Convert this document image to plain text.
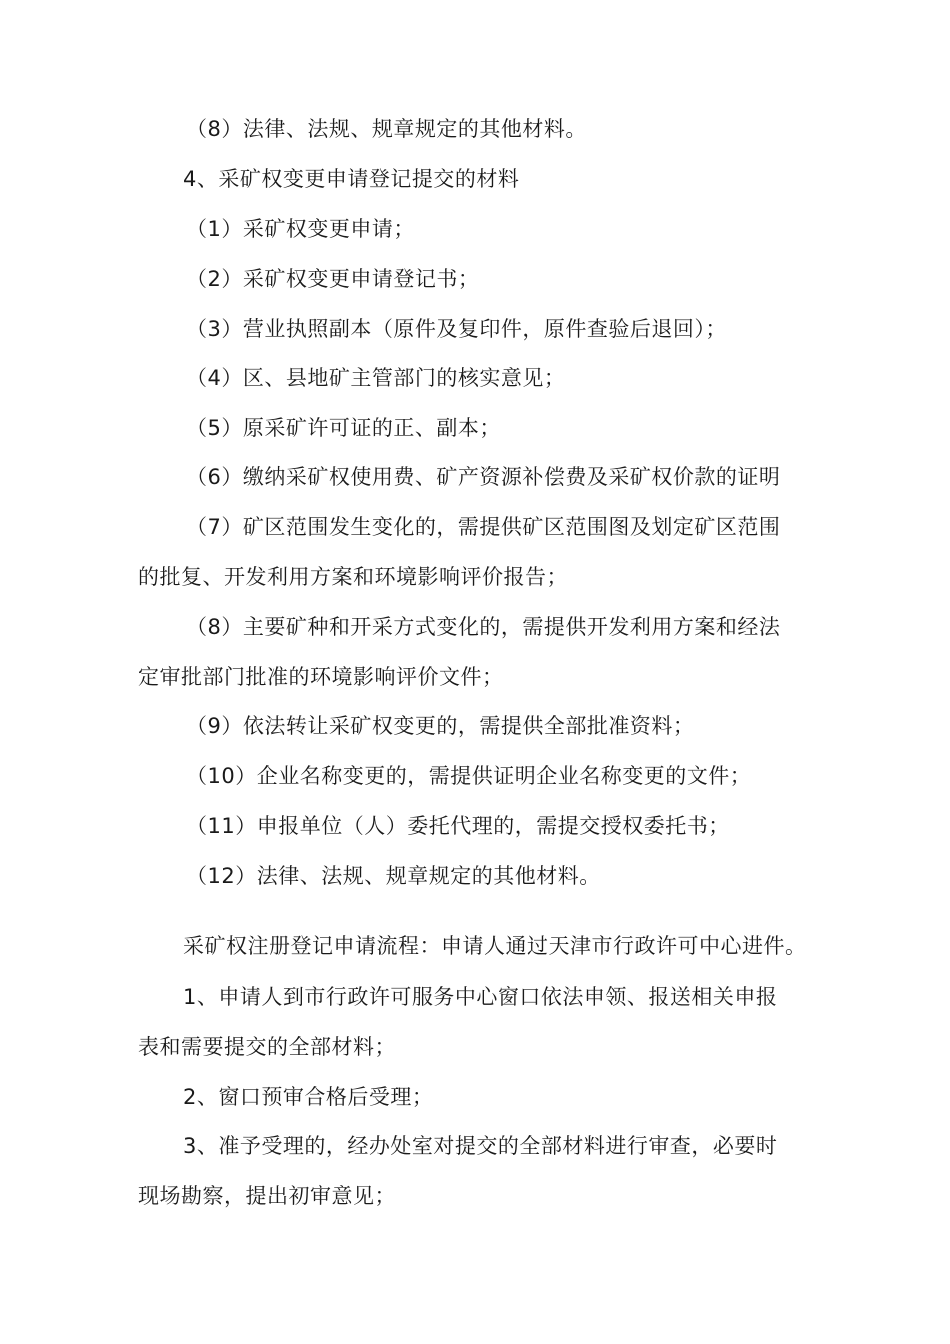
（8）法律、法规、规章规定的其他材料。
4、采矿权变更申请登记提交的材料
（1）采矿权变更申请；
（2）采矿权变更申请登记书；
（3）营业执照副本（原件及复印件，原件查验后退回）；
（4）区、县地矿主管部门的核实意见；
（5）原采矿许可证的正、副本；
（6）缴纳采矿权使用费、矿产资源补偿费及采矿权价款的证明
（7）矿区范围发生变化的，需提供矿区范围图及划定矿区范围
的批复、开发利用方案和环境影响评价报告；
（8）主要矿种和开采方式变化的，需提供开发利用方案和经法
定审批部门批准的环境影响评价文件；
（9）依法转让采矿权变更的，需提供全部批准资料；
（10）企业名称变更的，需提供证明企业名称变更的文件；
（11）申报单位（人）委托代理的，需提交授权委托书；
（12）法律、法规、规章规定的其他材料。
采矿权注册登记申请流程：申请人通过天津市行政许可中心进件。
1、申请人到市行政许可服务中心窗口依法申领、报送相关申报
表和需要提交的全部材料；
2、窗口预审合格后受理；
3、准予受理的，经办处室对提交的全部材料进行审查，必要时
现场勘察，提出初审意见；
